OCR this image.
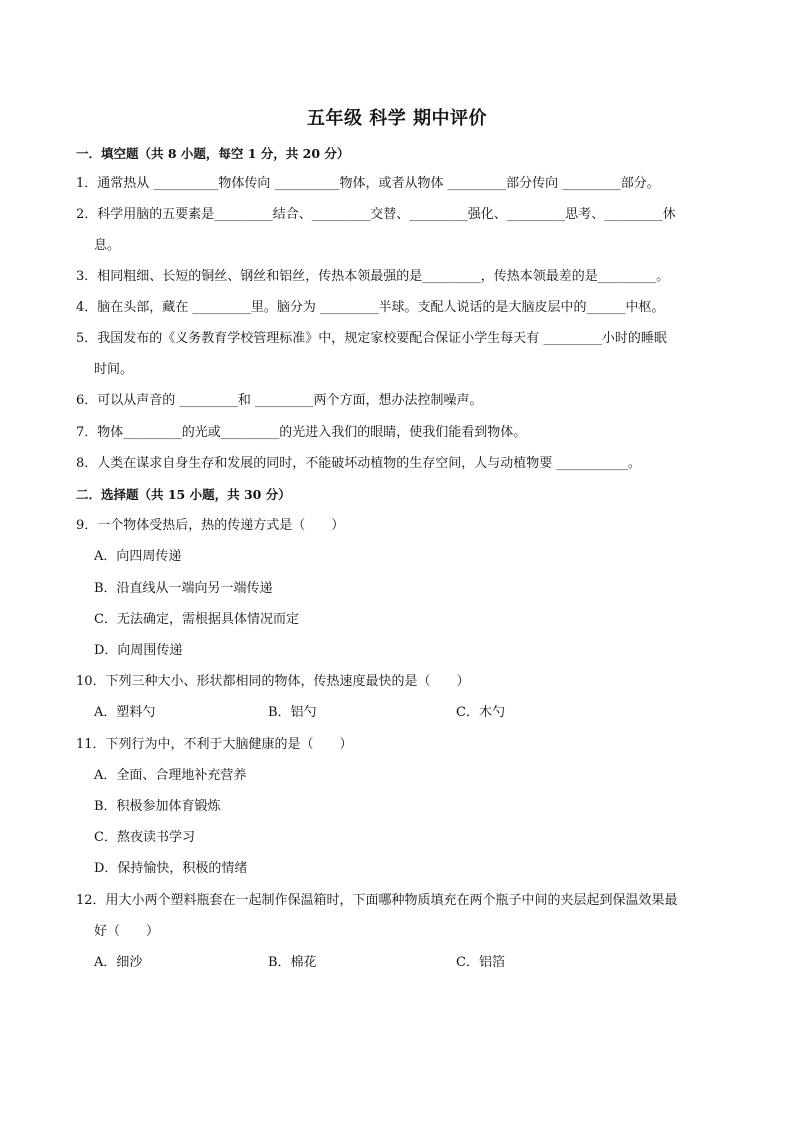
五年级 科学 期中评价
一．填空题（共 8 小题，每空 1 分，共 20 分）
1．通常热从 __________物体传向 __________物体，或者从物体 _________部分传向 _________部分。
2．科学用脑的五要素是_________结合、_________交替、_________强化、_________思考、_________休
息。
3．相同粗细、长短的铜丝、钢丝和铝丝，传热本领最强的是_________，传热本领最差的是_________。
4．脑在头部，藏在 _________里。脑分为 _________半球。支配人说话的是大脑皮层中的______中枢。
5．我国发布的《义务教育学校管理标准》中，规定家校要配合保证小学生每天有 _________小时的睡眠
时间。
6．可以从声音的 _________和 _________两个方面，想办法控制噪声。
7．物体_________的光或_________的光进入我们的眼睛，使我们能看到物体。
8．人类在谋求自身生存和发展的同时，不能破坏动植物的生存空间，人与动植物要 ___________。
二．选择题（共 15 小题，共 30 分）
9．一个物体受热后，热的传递方式是（　　）
A．向四周传递
B．沿直线从一端向另一端传递
C．无法确定，需根据具体情况而定
D．向周围传递
10．下列三种大小、形状都相同的物体，传热速度最快的是（　　）
A．塑料勺	B．铝勺	C．木勺
11．下列行为中，不利于大脑健康的是（　　）
A．全面、合理地补充营养
B．积极参加体育锻炼
C．熬夜读书学习
D．保持愉快，积极的情绪
12．用大小两个塑料瓶套在一起制作保温箱时，下面哪种物质填充在两个瓶子中间的夹层起到保温效果最
好（　　）
A．细沙	B．棉花	C．铝箔
